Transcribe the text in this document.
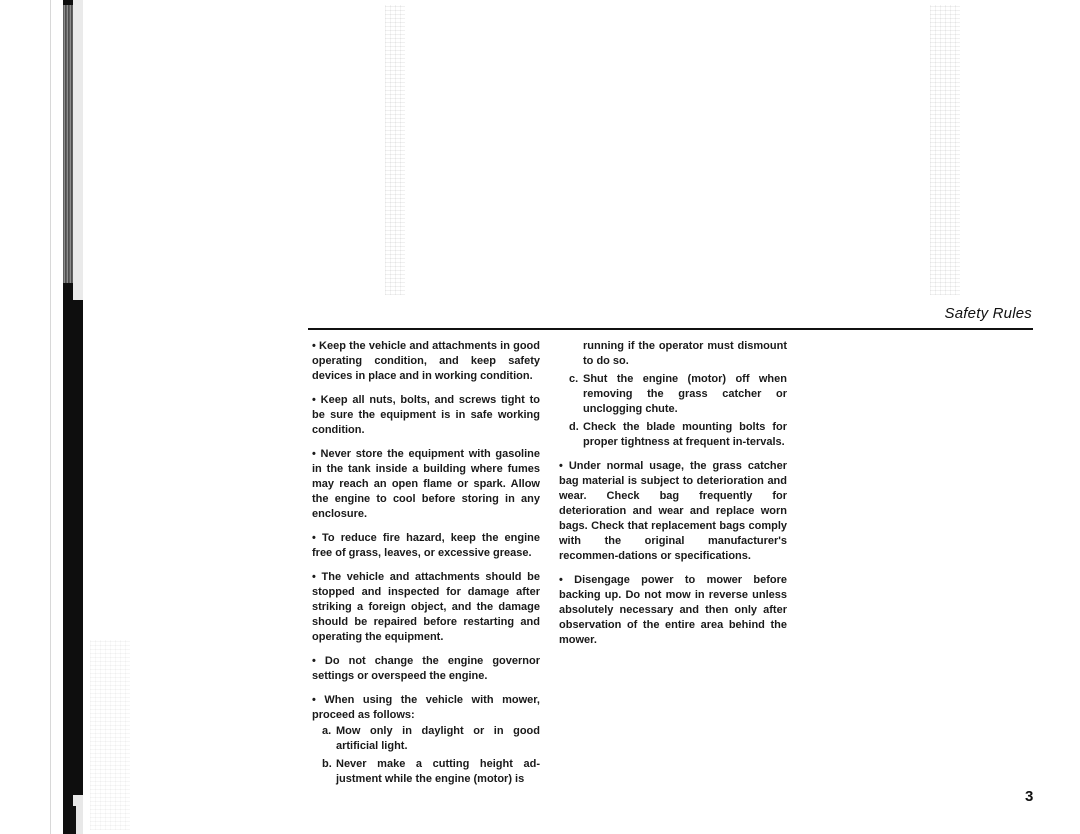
Safety Rules

• Keep the vehicle and attachments in good operating condition, and keep safety devices in place and in working condition.

• Keep all nuts, bolts, and screws tight to be sure the equipment is in safe working condition.

• Never store the equipment with gasoline in the tank inside a building where fumes may reach an open flame or spark. Allow the engine to cool before storing in any enclosure.

• To reduce fire hazard, keep the engine free of grass, leaves, or excessive grease.

• The vehicle and attachments should be stopped and inspected for damage after striking a foreign object, and the damage should be repaired before restarting and operating the equipment.

• Do not change the engine governor settings or overspeed the engine.

• When using the vehicle with mower, proceed as follows:

a. Mow only in daylight or in good artificial light.
b. Never make a cutting height ad-justment while the engine (motor) is

running if the operator must dismount to do so.

c. Shut the engine (motor) off when removing the grass catcher or unclogging chute.
d. Check the blade mounting bolts for proper tightness at frequent in-tervals.

• Under normal usage, the grass catcher bag material is subject to deterioration and wear. Check bag frequently for deterioration and wear and replace worn bags. Check that replacement bags comply with the original manufacturer's recommen-dations or specifications.

• Disengage power to mower before backing up. Do not mow in reverse unless absolutely necessary and then only after observation of the entire area behind the mower.

3
